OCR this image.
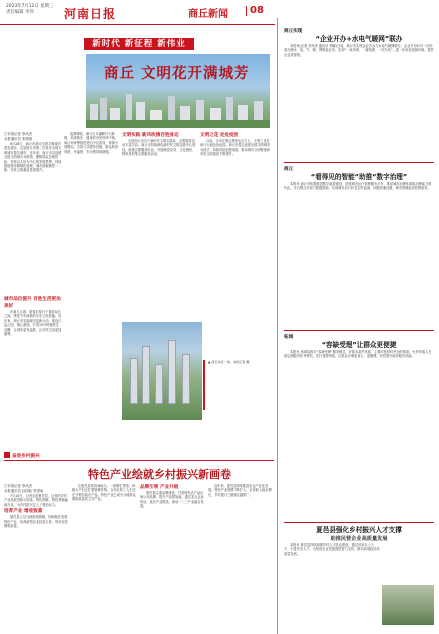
2023年7月12日 星期三
责任编辑 李伟	河南日报	商丘新闻 08
新时代 新征程 新伟业
商丘 文明花开满城芳
□本报记者 李凤虎
本报通讯员 张增惠

6月28日，商丘市获评全国文明城市提名城市，这是商丘市第二次获评全国文明城市提名城市。近年来，商丘市以创建全国文明城市为统领，聚焦群众急难愁盼，坚持以人民为中心的发展思想，持续推进城市精细化管理，城市面貌焕然一新，市民文明素质显著提升。

城市品位提升 百姓生活更加美好

在商丘古城，游客们穿行于青砖灰瓦之间，感受千年商都的历史文化底蕴。近年来，商丘市实施城市更新行动，建设口袋公园、街心游园，打造15分钟便民生活圈，让城市更有温度，让市民生活更加便利。

夜幕降临，商丘日月湖畔灯火璀璨，前来散步、健身的市民络绎不绝。商丘市统筹推进老旧小区改造、背街小巷整治，完善公共服务设施，群众的获得感、幸福感、安全感持续增强。

文明实践 新风吹拂百姓身边

走进商丘市各个新时代文明实践站，志愿服务活动丰富多彩。商丘市持续深化新时代文明实践中心建设，组建志愿服务队伍，开展理论宣讲、文化惠民、移风易俗等志愿服务活动。

文明之花 处处绽放

目前，全市注册志愿者达百万人，文明之花在商丘大地处处绽放。商丘市将以创建全国文明城市为抓手，持续巩固创建成果，推动城市文明程度和市民文明素质不断提升。

▲ 商丘市区一角。本报记者 摄
奋进乡村振兴
特色产业绘就乡村振兴新画卷
□本报记者 李凤虎
本报通讯员 孙国际 张思雨

7月10日，记者走进夏邑县，这里的乡村产业发展得如火如荼。特色种植、特色养殖遍地开花，为乡村振兴注入了强劲动力。

培育产业 增收致富

夏邑县立足当地资源禀赋，因地制宜发展特色产业，培育新型农业经营主体，带动农民增收致富。

在夏邑县的田间地头，一派繁忙景象。种植大户们正忙着管理作物，合作社的工人们正在分拣包装农产品。特色产业已成为当地群众增收致富的主导产业。

品牌引领 产业升级

夏邑县注重品牌建设，打造特色农产品区域公用品牌，提升产品附加值。通过龙头企业带动，延长产业链条，推动一二三产业融合发展。

近年来，夏邑县持续推进农业产业化发展，特色产业规模不断扩大，农民收入稳步增长，乡村振兴之路越走越宽广。

商丘实现
“企业开办+水电气暖网”联办

本报讯(记者 李凤虎 通讯员 杨娜)日前，商丘市实现企业开办与水电气暖网联办，企业开办时可一次申请办理水、电、气、暖、网报装业务，实现“一表申请、一窗受理、一次办结”，进一步优化营商环境，提升企业获得感。

商丘
“看得见的智能”助推“数字治理”

本报讯 商丘市积极推进数字政府建设，搭建城市运行管理服务平台，推动城市治理体系和治理能力现代化。平台整合多部门数据资源，实现城市运行状态实时监测、问题快速处置，城市管理更加智慧高效。

柘城
“容缺受理”让群众更便捷

本报讯 柘城县推行“容缺受理”服务模式，对基本条件具备、主要申报材料齐全的事项，允许申请人在规定期限内补齐材料，先行受理审批，让群众办事更省心、更便捷，有效提升政务服务效能。

夏邑县强化乡村振兴人才支撑
助推民营企业高质量发展

本报讯 夏邑县持续加强乡村人才队伍建设，通过培育本土人才、引进外出人才，为民营企业发展提供智力支持，推动县域经济高质量发展。
